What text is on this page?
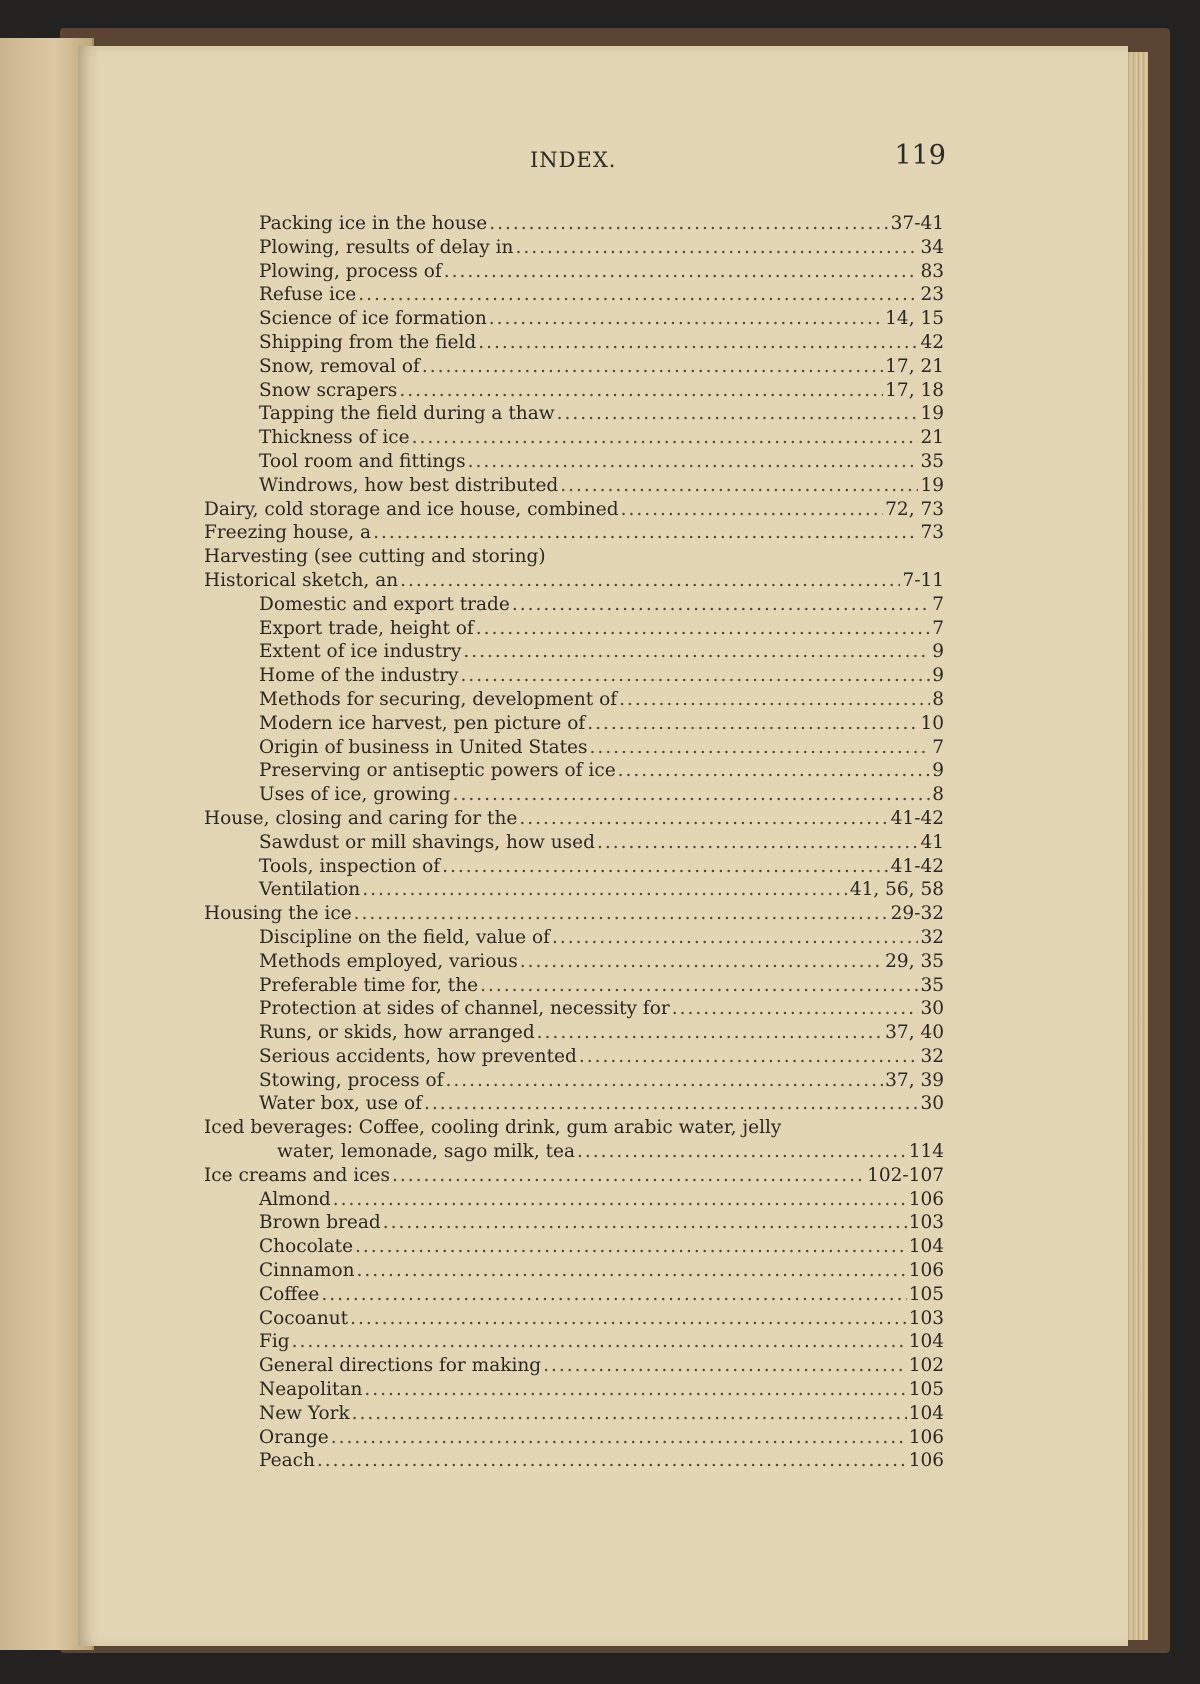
INDEX.	119
Packing ice in the house .....	37-41
Plowing, results of delay in .....	34
Plowing, process of .....	83
Refuse ice .....	23
Science of ice formation .....	14, 15
Shipping from the field .....	42
Snow, removal of .....	17, 21
Snow scrapers .....	17, 18
Tapping the field during a thaw .....	19
Thickness of ice .....	21
Tool room and fittings .....	35
Windrows, how best distributed .....	19
Dairy, cold storage and ice house, combined .....	72, 73
Freezing house, a .....	73
Harvesting (see cutting and storing)
Historical sketch, an .....	7-11
Domestic and export trade .....	7
Export trade, height of .....	7
Extent of ice industry .....	9
Home of the industry .....	9
Methods for securing, development of .....	8
Modern ice harvest, pen picture of .....	10
Origin of business in United States .....	7
Preserving or antiseptic powers of ice .....	9
Uses of ice, growing .....	8
House, closing and caring for the .....	41-42
Sawdust or mill shavings, how used .....	41
Tools, inspection of .....	41-42
Ventilation .....	41, 56, 58
Housing the ice .....	29-32
Discipline on the field, value of .....	32
Methods employed, various .....	29, 35
Preferable time for, the .....	35
Protection at sides of channel, necessity for .....	30
Runs, or skids, how arranged .....	37, 40
Serious accidents, how prevented .....	32
Stowing, process of .....	37, 39
Water box, use of .....	30
Iced beverages: Coffee, cooling drink, gum arabic water, jelly
water, lemonade, sago milk, tea .....	114
Ice creams and ices .....	102-107
Almond .....	106
Brown bread .....	103
Chocolate .....	104
Cinnamon .....	106
Coffee .....	105
Cocoanut .....	103
Fig .....	104
General directions for making .....	102
Neapolitan .....	105
New York .....	104
Orange .....	106
Peach .....	106
